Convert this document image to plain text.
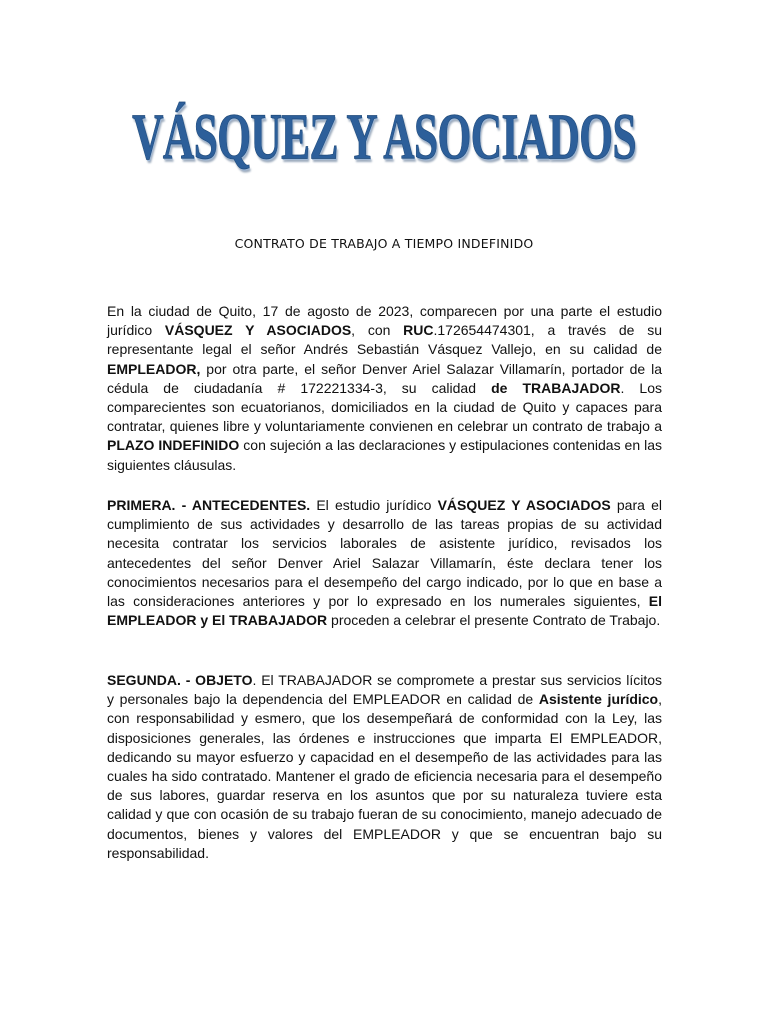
VÁSQUEZ Y ASOCIADOS
CONTRATO DE TRABAJO A TIEMPO INDEFINIDO

En la ciudad de Quito, 17 de agosto de 2023, comparecen por una parte el estudio jurídico VÁSQUEZ Y ASOCIADOS, con RUC.172654474301, a través de su representante legal el señor Andrés Sebastián Vásquez Vallejo, en su calidad de EMPLEADOR, por otra parte, el señor Denver Ariel Salazar Villamarín, portador de la cédula de ciudadanía # 172221334-3, su calidad de TRABAJADOR. Los comparecientes son ecuatorianos, domiciliados en la ciudad de Quito y capaces para contratar, quienes libre y voluntariamente convienen en celebrar un contrato de trabajo a PLAZO INDEFINIDO con sujeción a las declaraciones y estipulaciones contenidas en las siguientes cláusulas.

PRIMERA. - ANTECEDENTES. El estudio jurídico VÁSQUEZ Y ASOCIADOS para el cumplimiento de sus actividades y desarrollo de las tareas propias de su actividad necesita contratar los servicios laborales de asistente jurídico, revisados los antecedentes del señor Denver Ariel Salazar Villamarín, éste declara tener los conocimientos necesarios para el desempeño del cargo indicado, por lo que en base a las consideraciones anteriores y por lo expresado en los numerales siguientes, El EMPLEADOR y El TRABAJADOR proceden a celebrar el presente Contrato de Trabajo.

SEGUNDA. - OBJETO. El TRABAJADOR se compromete a prestar sus servicios lícitos y personales bajo la dependencia del EMPLEADOR en calidad de Asistente jurídico, con responsabilidad y esmero, que los desempeñará de conformidad con la Ley, las disposiciones generales, las órdenes e instrucciones que imparta El EMPLEADOR, dedicando su mayor esfuerzo y capacidad en el desempeño de las actividades para las cuales ha sido contratado. Mantener el grado de eficiencia necesaria para el desempeño de sus labores, guardar reserva en los asuntos que por su naturaleza tuviere esta calidad y que con ocasión de su trabajo fueran de su conocimiento, manejo adecuado de documentos, bienes y valores del EMPLEADOR y que se encuentran bajo su responsabilidad.
